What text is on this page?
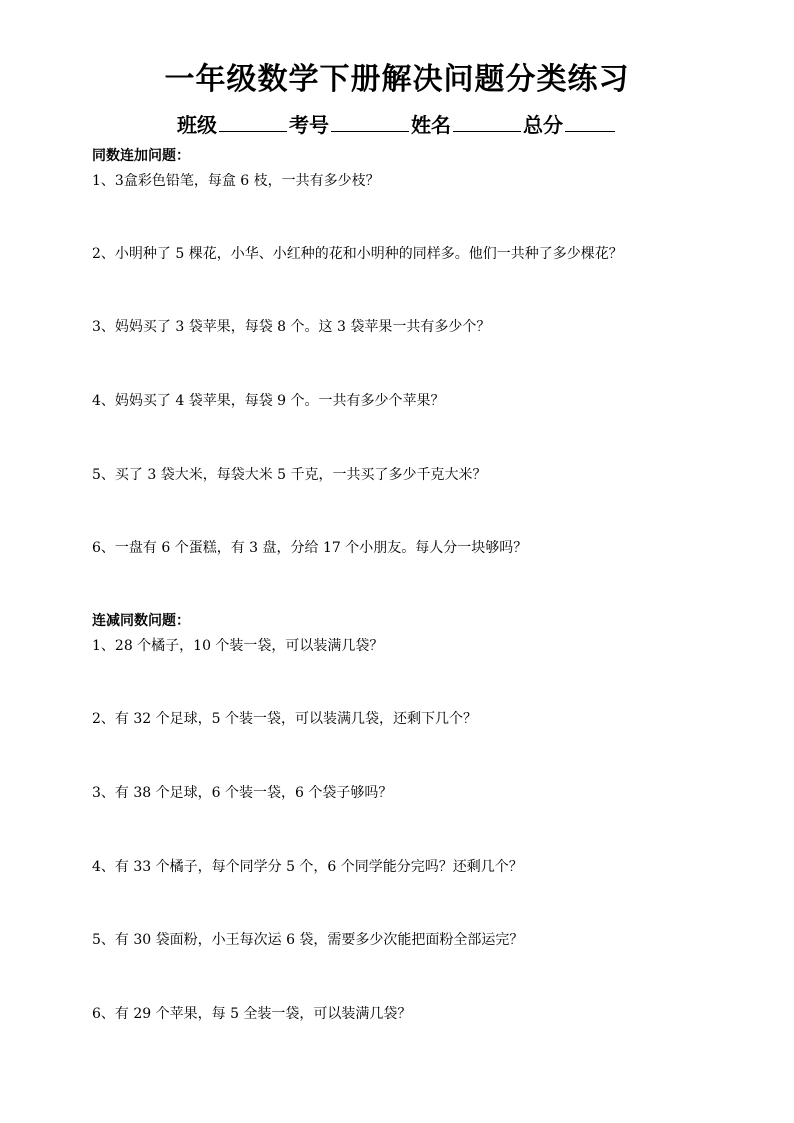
一年级数学下册解决问题分类练习
班级	考号	姓名	总分
同数连加问题：
1、3盒彩色铅笔，每盒 6 枝，一共有多少枝？
2、小明种了 5 棵花，小华、小红种的花和小明种的同样多。他们一共种了多少棵花？
3、妈妈买了 3 袋苹果，每袋 8 个。这 3 袋苹果一共有多少个？
4、妈妈买了 4 袋苹果，每袋 9 个。一共有多少个苹果？
5、买了 3 袋大米，每袋大米 5 千克，一共买了多少千克大米？
6、一盘有 6 个蛋糕，有 3 盘，分给 17 个小朋友。每人分一块够吗？
连减同数问题：
1、28 个橘子，10 个装一袋，可以装满几袋？
2、有 32 个足球，5 个装一袋，可以装满几袋，还剩下几个？
3、有 38 个足球，6 个装一袋，6 个袋子够吗？
4、有 33 个橘子，每个同学分 5 个，6 个同学能分完吗？还剩几个？
5、有 30 袋面粉，小王每次运 6 袋，需要多少次能把面粉全部运完？
6、有 29 个苹果，每 5 全装一袋，可以装满几袋？
